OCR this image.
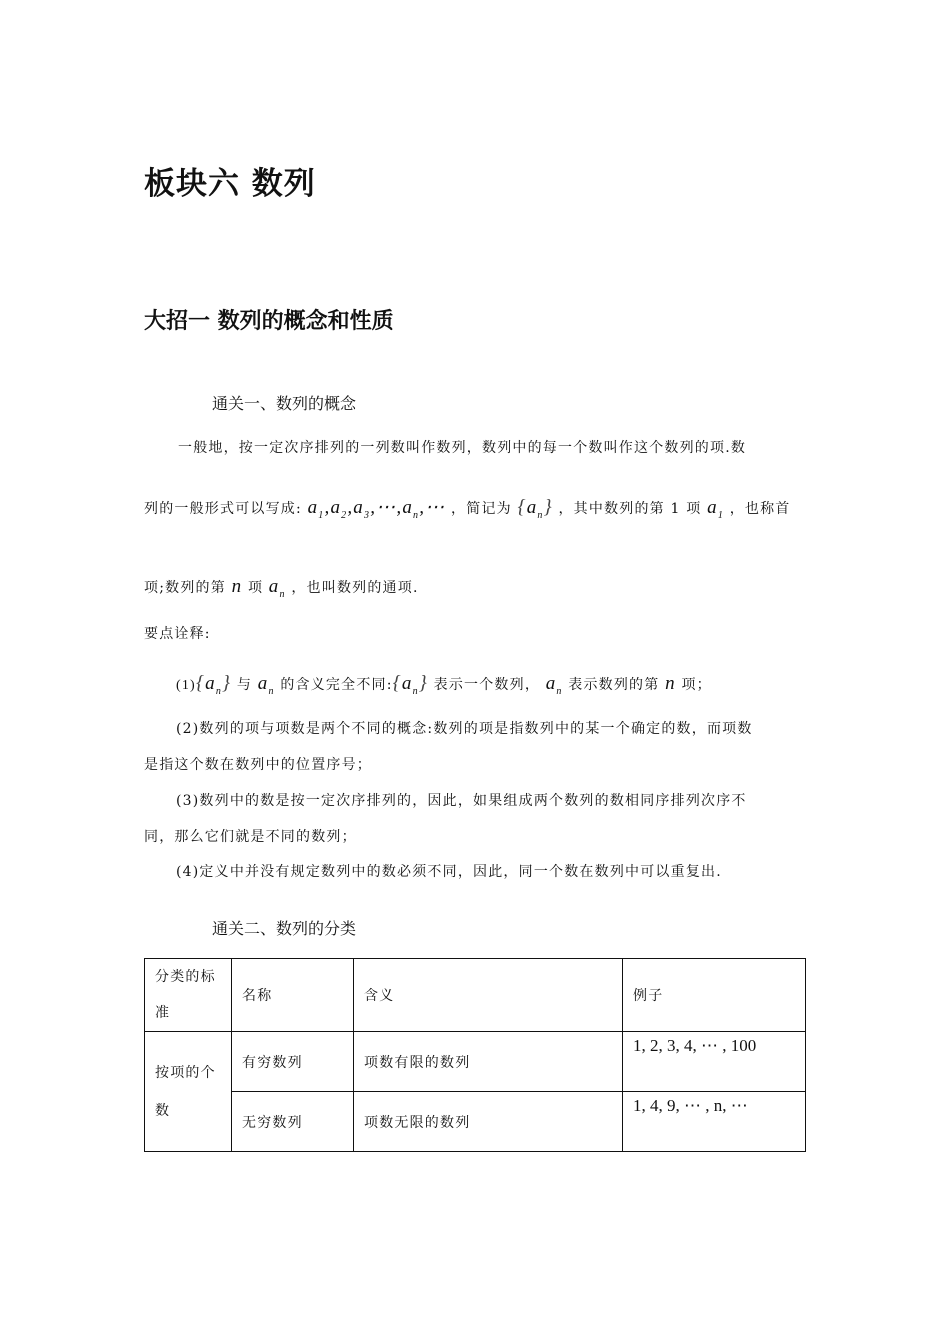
板块六 数列
大招一 数列的概念和性质
通关一、数列的概念
一般地，按一定次序排列的一列数叫作数列，数列中的每一个数叫作这个数列的项.数
列的一般形式可以写成: $a_1,a_2,a_3,\cdots,a_n,\cdots$ ，简记为 $\{a_n\}$ ，其中数列的第 1 项 $a_1$ ，也称首
项;数列的第 n 项 $a_n$ ，也叫数列的通项.
要点诠释:
$(1)\{a_n\}$ 与 $a_n$ 的含义完全不同$:\{a_n\}$ 表示一个数列， $a_n$ 表示数列的第 n 项；
(2)数列的项与项数是两个不同的概念:数列的项是指数列中的某一个确定的数，而项数
是指这个数在数列中的位置序号；
(3)数列中的数是按一定次序排列的，因此，如果组成两个数列的数相同序排列次序不
同，那么它们就是不同的数列；
(4)定义中并没有规定数列中的数必须不同，因此，同一个数在数列中可以重复出.
通关二、数列的分类
分类的标准	名称	含义	例子
按项的个数	有穷数列	项数有限的数列	1, 2, 3, 4, ⋯ , 100
	无穷数列	项数无限的数列	1, 4, 9, ⋯ , n, ⋯
